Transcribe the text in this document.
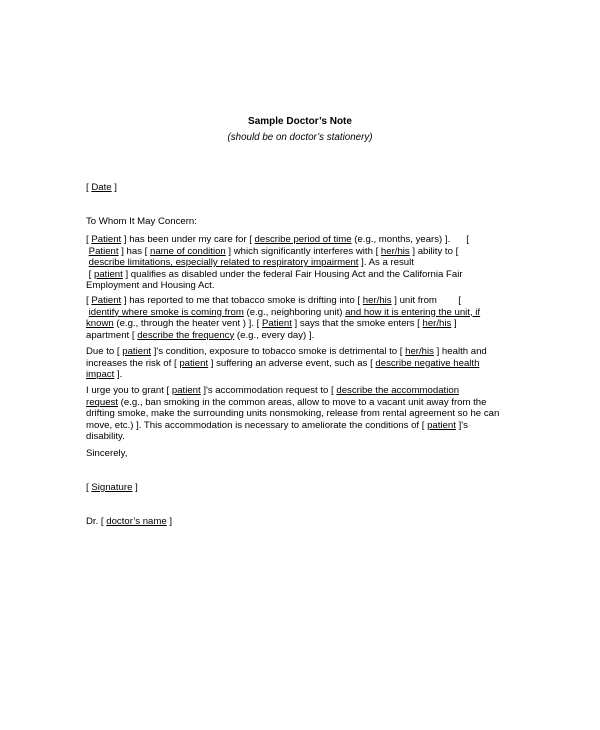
Sample Doctor’s Note
(should be on doctor’s stationery)
[ Date ]
To Whom It May Concern:
[ Patient ] has been under my care for [ describe period of time (e.g., months, years) ].      [
Patient ] has [ name of condition ] which significantly interferes with [ her/his ] ability to [
describe limitations, especially related to respiratory impairment ]. As a result
[ patient ] qualifies as disabled under the federal Fair Housing Act and the California Fair
Employment and Housing Act.
[ Patient ] has reported to me that tobacco smoke is drifting into [ her/his ] unit from        [
identify where smoke is coming from (e.g., neighboring unit) and how it is entering the unit, if
known (e.g., through the heater vent ) ]. [ Patient ] says that the smoke enters [ her/his ]
apartment [ describe the frequency (e.g., every day) ].
Due to [ patient ]'s condition, exposure to tobacco smoke is detrimental to [ her/his ] health and
increases the risk of [ patient ] suffering an adverse event, such as [ describe negative health
impact ].
I urge you to grant [ patient ]'s accommodation request to [ describe the accommodation
request (e.g., ban smoking in the common areas, allow to move to a vacant unit away from the
drifting smoke, make the surrounding units nonsmoking, release from rental agreement so he can
move, etc.) ]. This accommodation is necessary to ameliorate the conditions of [ patient ]'s
disability.
Sincerely,
[ Signature ]
Dr. [ doctor’s name ]
